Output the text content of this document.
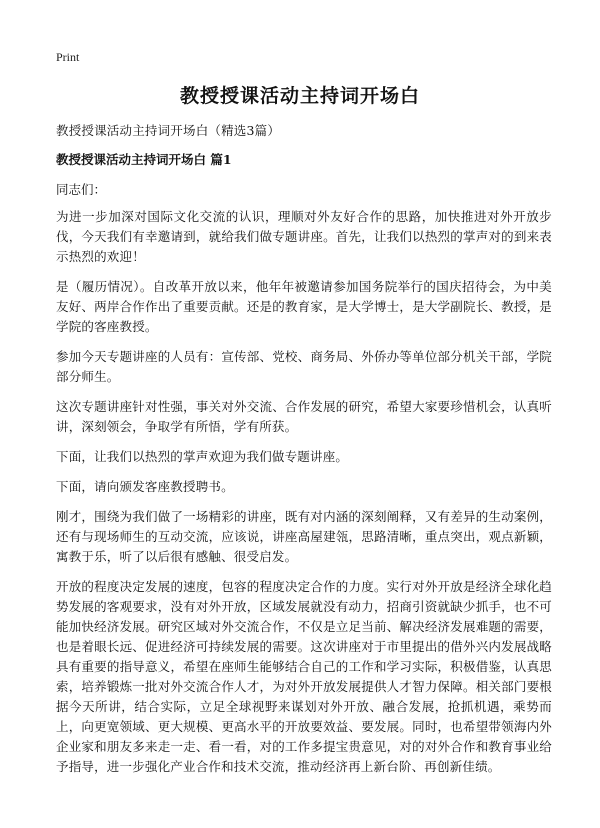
Print
教授授课活动主持词开场白
教授授课活动主持词开场白（精选3篇）
教授授课活动主持词开场白 篇1
同志们：

为进一步加深对国际文化交流的认识，理顺对外友好合作的思路，加快推进对外开放步伐，今天我们有幸邀请到，就给我们做专题讲座。首先，让我们以热烈的掌声对的到来表示热烈的欢迎！

是（履历情况）。自改革开放以来，他年年被邀请参加国务院举行的国庆招待会，为中美友好、两岸合作作出了重要贡献。还是的教育家，是大学博士，是大学副院长、教授，是学院的客座教授。

参加今天专题讲座的人员有：宣传部、党校、商务局、外侨办等单位部分机关干部，学院部分师生。

这次专题讲座针对性强，事关对外交流、合作发展的研究，希望大家要珍惜机会，认真听讲，深刻领会，争取学有所悟，学有所获。

下面，让我们以热烈的掌声欢迎为我们做专题讲座。

下面，请向颁发客座教授聘书。

刚才，围绕为我们做了一场精彩的讲座，既有对内涵的深刻阐释，又有差异的生动案例，还有与现场师生的互动交流，应该说，讲座高屋建瓴，思路清晰，重点突出，观点新颖，寓教于乐，听了以后很有感触、很受启发。

开放的程度决定发展的速度，包容的程度决定合作的力度。实行对外开放是经济全球化趋势发展的客观要求，没有对外开放，区域发展就没有动力，招商引资就缺少抓手，也不可能加快经济发展。研究区域对外交流合作，不仅是立足当前、解决经济发展难题的需要，也是着眼长远、促进经济可持续发展的需要。这次讲座对于市里提出的借外兴内发展战略具有重要的指导意义，希望在座师生能够结合自己的工作和学习实际，积极借鉴，认真思索，培养锻炼一批对外交流合作人才，为对外开放发展提供人才智力保障。相关部门要根据今天所讲，结合实际，立足全球视野来谋划对外开放、融合发展，抢抓机遇，乘势而上，向更宽领域、更大规模、更高水平的开放要效益、要发展。同时，也希望带领海内外企业家和朋友多来走一走、看一看，对的工作多提宝贵意见，对的对外合作和教育事业给予指导，进一步强化产业合作和技术交流，推动经济再上新台阶、再创新佳绩。
